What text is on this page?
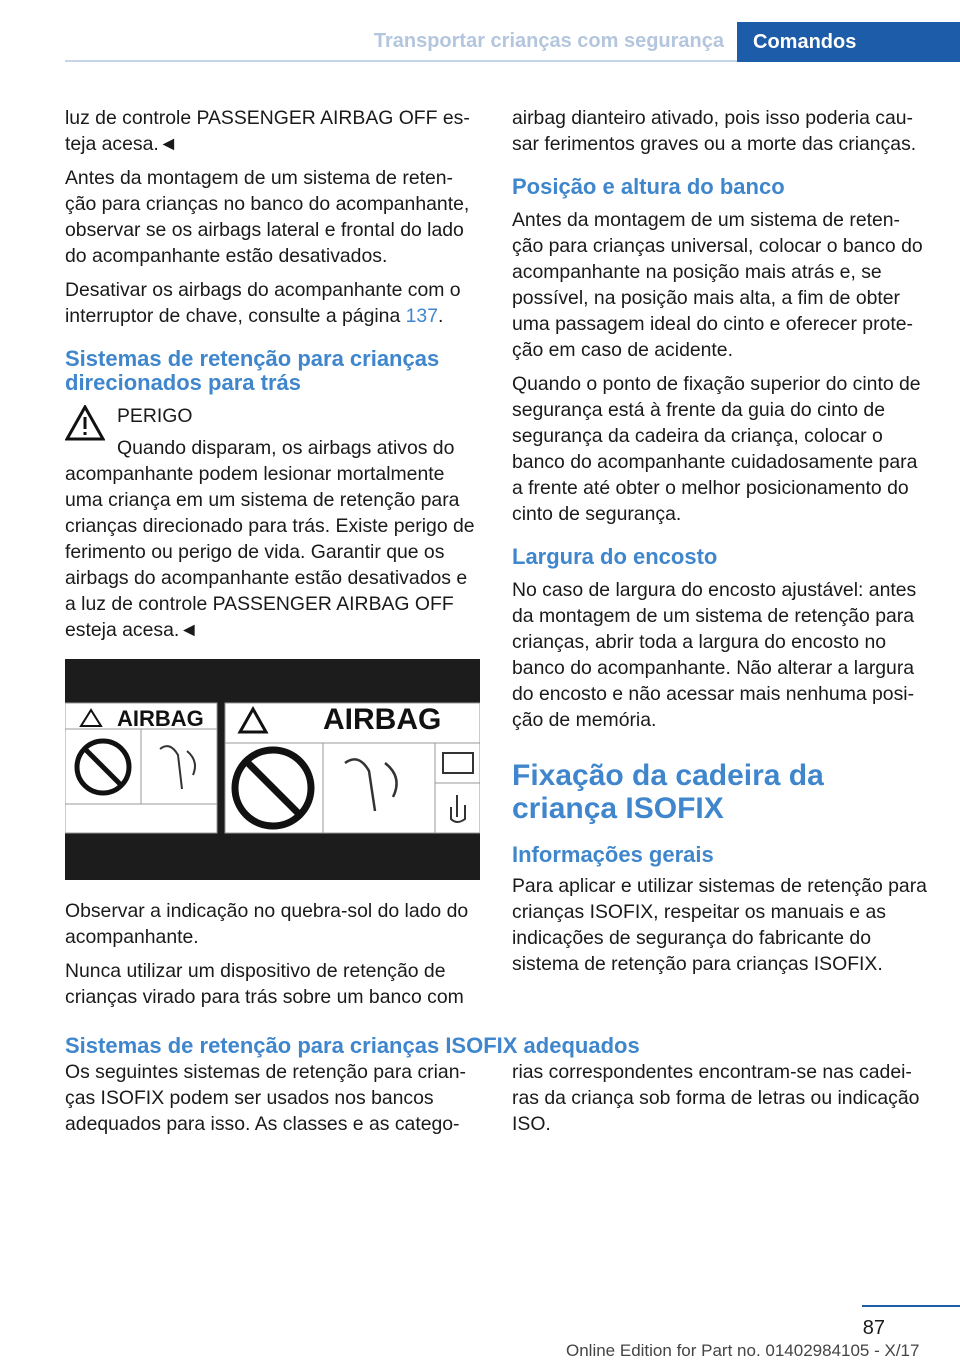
Transportar crianças com segurança	Comandos

luz de controle PASSENGER AIRBAG OFF es‐ teja acesa.◄

Antes da montagem de um sistema de reten‐ ção para crianças no banco do acompanhante, observar se os airbags lateral e frontal do lado do acompanhante estão desativados.

Desativar os airbags do acompanhante com o interruptor de chave, consulte a página 137.

Sistemas de retenção para crianças direcionados para trás

PERIGO

Quando disparam, os airbags ativos do acompanhante podem lesionar mortalmente uma criança em um sistema de retenção para crianças direcionado para trás. Existe perigo de ferimento ou perigo de vida. Garantir que os airbags do acompanhante estão desativados e a luz de controle PASSENGER AIRBAG OFF esteja acesa.◄

AIRBAG	AIRBAG

Observar a indicação no quebra-sol do lado do acompanhante.

Nunca utilizar um dispositivo de retenção de crianças virado para trás sobre um banco com

airbag dianteiro ativado, pois isso poderia cau‐ sar ferimentos graves ou a morte das crianças.

Posição e altura do banco

Antes da montagem de um sistema de reten‐ ção para crianças universal, colocar o banco do acompanhante na posição mais atrás e, se possível, na posição mais alta, a fim de obter uma passagem ideal do cinto e oferecer prote‐ ção em caso de acidente.

Quando o ponto de fixação superior do cinto de segurança está à frente da guia do cinto de segurança da cadeira da criança, colocar o banco do acompanhante cuidadosamente para a frente até obter o melhor posicionamento do cinto de segurança.

Largura do encosto

No caso de largura do encosto ajustável: antes da montagem de um sistema de retenção para crianças, abrir toda a largura do encosto no banco do acompanhante. Não alterar a largura do encosto e não acessar mais nenhuma posi‐ ção de memória.

Fixação da cadeira da criança ISOFIX
Informações gerais

Para aplicar e utilizar sistemas de retenção para crianças ISOFIX, respeitar os manuais e as indicações de segurança do fabricante do sistema de retenção para crianças ISOFIX.

Sistemas de retenção para crianças ISOFIX adequados

Os seguintes sistemas de retenção para crian‐ ças ISOFIX podem ser usados nos bancos adequados para isso. As classes e as catego‐

rias correspondentes encontram-se nas cadei‐ ras da criança sob forma de letras ou indicação ISO.

87
Online Edition for Part no. 01402984105 - X/17
